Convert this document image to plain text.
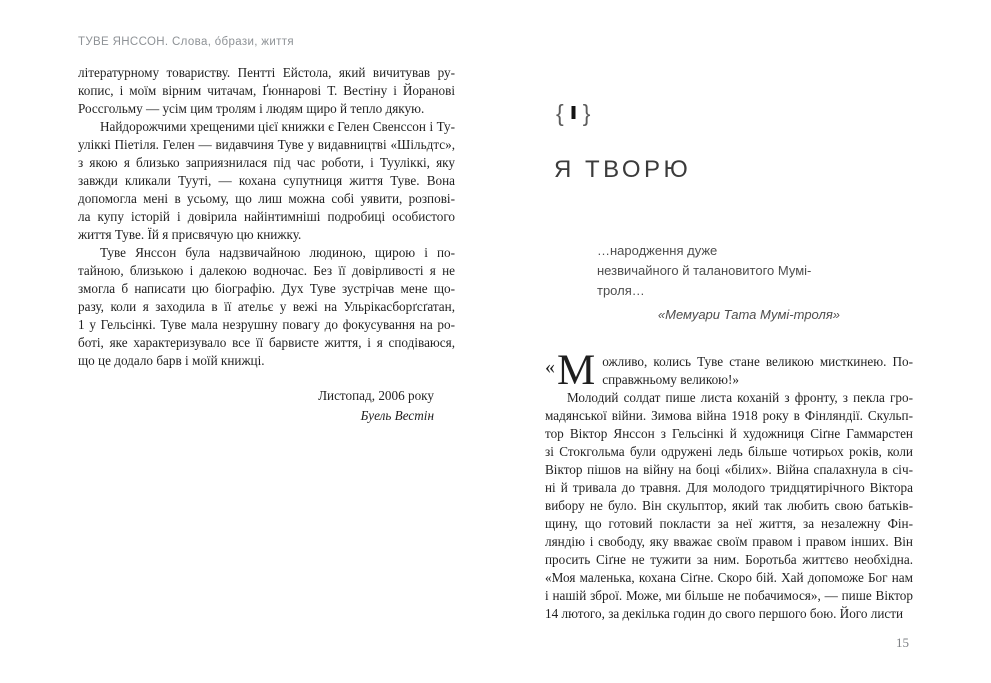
ТУВЕ ЯНССОН. Слова, о́брази, життя
літературному товариству. Пентті Ейстола, який вичитував ру-
копис, і моїм вірним читачам, Ґюннарові Т. Вестіну і Йоранові
Россгольму — усім цим тролям і людям щиро й тепло дякую.
Найдорожчими хрещеними цієї книжки є Гелен Свенссон і Ту-
уліккі Піетіля. Гелен — видавчиня Туве у видавництві «Шільдтс»,
з якою я близько заприязнилася під час роботи, і Тууліккі, яку
завжди кликали Тууті, — кохана супутниця життя Туве. Вона
допомогла мені в усьому, що лиш можна собі уявити, розпові-
ла купу історій і довірила найінтимніші подробиці особистого
життя Туве. Їй я присвячую цю книжку.
Туве Янссон була надзвичайною людиною, щирою і по-
тайною, близькою і далекою водночас. Без її довірливості я не
змогла б написати цю біографію. Дух Туве зустрічав мене що-
разу, коли я заходила в її ательє у вежі на Ульрікасборґсґатан,
1 у Гельсінкі. Туве мала незрушну повагу до фокусування на ро-
боті, яке характеризувало все її барвисте життя, і я сподіваюся,
що це додало барв і моїй книжці.
Листопад, 2006 року
Буель Вестін
{ I }
Я ТВОРЮ
…народження дуже
незвичайного й талановитого Мумі-троля…
«Мемуари Тата Мумі-троля»
« М ожливо, колись Туве стане великою мисткинею. По-
справжньому великою!»
Молодий солдат пише листа коханій з фронту, з пекла гро-
мадянської війни. Зимова війна 1918 року в Фінляндії. Скульп-
тор Віктор Янссон з Гельсінкі й художниця Сіґне Гаммарстен
зі Стокгольма були одружені ледь більше чотирьох років, коли
Віктор пішов на війну на боці «білих». Війна спалахнула в січ-
ні й тривала до травня. Для молодого тридцятирічного Віктора
вибору не було. Він скульптор, який так любить свою батьків-
щину, що готовий покласти за неї життя, за незалежну Фін-
ляндію і свободу, яку вважає своїм правом і правом інших. Він
просить Сіґне не тужити за ним. Боротьба життєво необхідна.
«Моя маленька, кохана Сіґне. Скоро бій. Хай допоможе Бог нам
і нашій зброї. Може, ми більше не побачимося», — пише Віктор
14 лютого, за декілька годин до свого першого бою. Його листи
15
